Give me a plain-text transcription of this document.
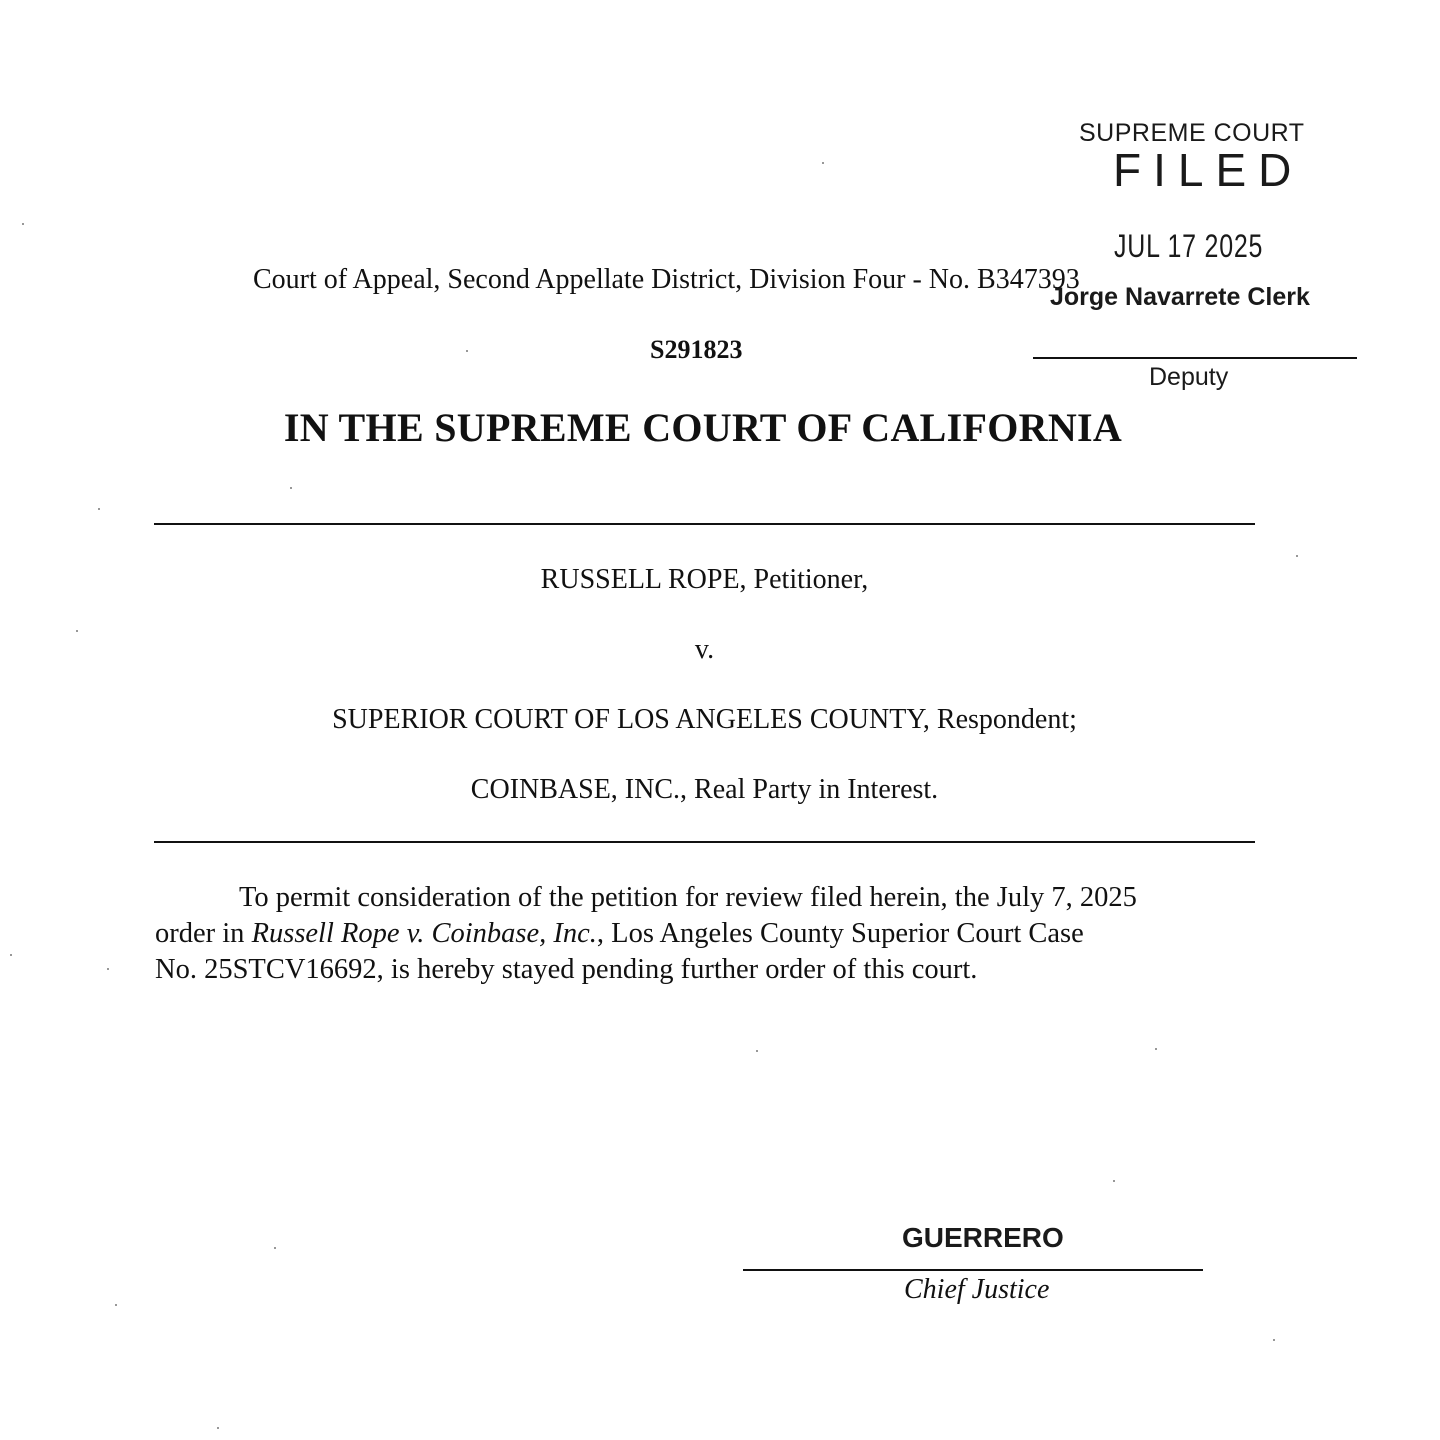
SUPREME COURT
FILED
JUL 17 2025
Jorge Navarrete Clerk
Deputy
Court of Appeal, Second Appellate District, Division Four - No. B347393
S291823
IN THE SUPREME COURT OF CALIFORNIA
RUSSELL ROPE, Petitioner,
v.
SUPERIOR COURT OF LOS ANGELES COUNTY, Respondent;
COINBASE, INC., Real Party in Interest.
To permit consideration of the petition for review filed herein, the July 7, 2025
order in Russell Rope v. Coinbase, Inc., Los Angeles County Superior Court Case
No. 25STCV16692, is hereby stayed pending further order of this court.
GUERRERO
Chief Justice
